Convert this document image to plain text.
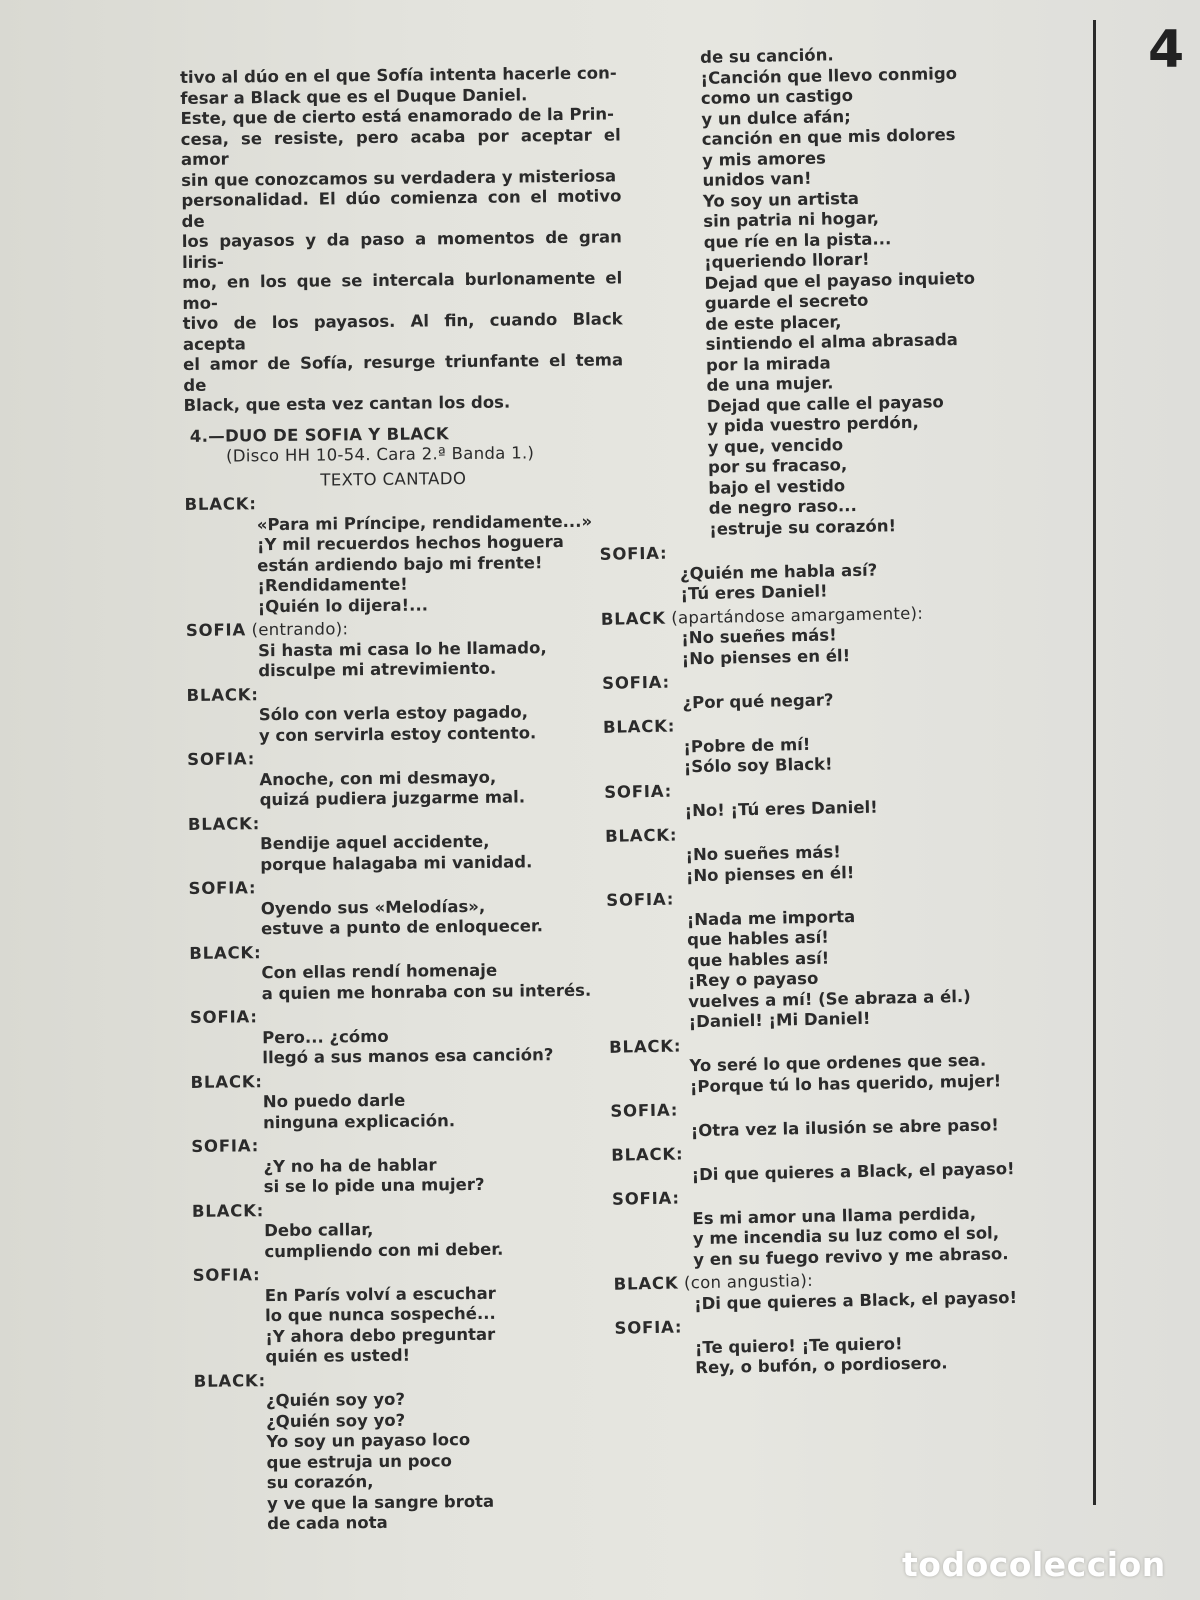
4

tivo al dúo en el que Sofía intenta hacerle con-

fesar a Black que es el Duque Daniel.

Este, que de cierto está enamorado de la Prin-

cesa, se resiste, pero acaba por aceptar el amor

sin que conozcamos su verdadera y misteriosa

personalidad. El dúo comienza con el motivo de

los payasos y da paso a momentos de gran liris-

mo, en los que se intercala burlonamente el mo-

tivo de los payasos. Al fin, cuando Black acepta

el amor de Sofía, resurge triunfante el tema de

Black, que esta vez cantan los dos.

4.—DUO DE SOFIA Y BLACK
(Disco HH 10-54. Cara 2.ª Banda 1.)
TEXTO CANTADO
BLACK:
«Para mi Príncipe, rendidamente...»
¡Y mil recuerdos hechos hoguera
están ardiendo bajo mi frente!
¡Rendidamente!
¡Quién lo dijera!...
SOFIA (entrando):
Si hasta mi casa lo he llamado,
disculpe mi atrevimiento.
BLACK:
Sólo con verla estoy pagado,
y con servirla estoy contento.
SOFIA:
Anoche, con mi desmayo,
quizá pudiera juzgarme mal.
BLACK:
Bendije aquel accidente,
porque halagaba mi vanidad.
SOFIA:
Oyendo sus «Melodías»,
estuve a punto de enloquecer.
BLACK:
Con ellas rendí homenaje
a quien me honraba con su interés.
SOFIA:
Pero... ¿cómo
llegó a sus manos esa canción?
BLACK:
No puedo darle
ninguna explicación.
SOFIA:
¿Y no ha de hablar
si se lo pide una mujer?
BLACK:
Debo callar,
cumpliendo con mi deber.
SOFIA:
En París volví a escuchar
lo que nunca sospeché...
¡Y ahora debo preguntar
quién es usted!
BLACK:
¿Quién soy yo?
¿Quién soy yo?
Yo soy un payaso loco
que estruja un poco
su corazón,
y ve que la sangre brota
de cada nota
de su canción.
¡Canción que llevo conmigo
como un castigo
y un dulce afán;
canción en que mis dolores
y mis amores
unidos van!
Yo soy un artista
sin patria ni hogar,
que ríe en la pista...
¡queriendo llorar!
Dejad que el payaso inquieto
guarde el secreto
de este placer,
sintiendo el alma abrasada
por la mirada
de una mujer.
Dejad que calle el payaso
y pida vuestro perdón,
y que, vencido
por su fracaso,
bajo el vestido
de negro raso...
¡estruje su corazón!
SOFIA:
¿Quién me habla así?
¡Tú eres Daniel!
BLACK (apartándose amargamente):
¡No sueñes más!
¡No pienses en él!
SOFIA:
¿Por qué negar?
BLACK:
¡Pobre de mí!
¡Sólo soy Black!
SOFIA:
¡No! ¡Tú eres Daniel!
BLACK:
¡No sueñes más!
¡No pienses en él!
SOFIA:
¡Nada me importa
que hables así!
que hables así!
¡Rey o payaso
vuelves a mí! (Se abraza a él.)
¡Daniel! ¡Mi Daniel!
BLACK:
Yo seré lo que ordenes que sea.
¡Porque tú lo has querido, mujer!
SOFIA:
¡Otra vez la ilusión se abre paso!
BLACK:
¡Di que quieres a Black, el payaso!
SOFIA:
Es mi amor una llama perdida,
y me incendia su luz como el sol,
y en su fuego revivo y me abraso.
BLACK (con angustia):
¡Di que quieres a Black, el payaso!
SOFIA:
¡Te quiero! ¡Te quiero!
Rey, o bufón, o pordiosero.
todocoleccion
